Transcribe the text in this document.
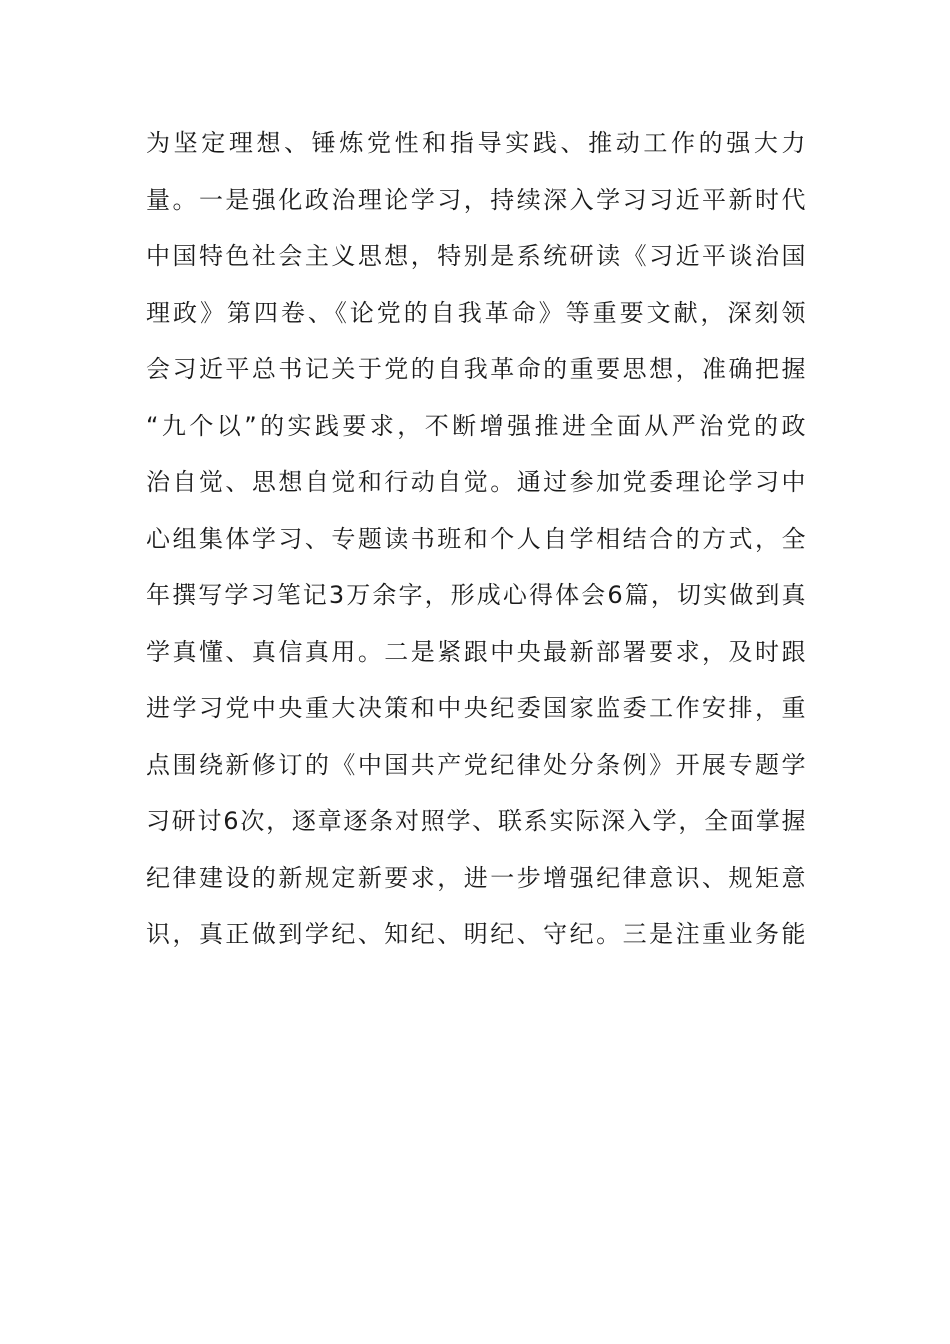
为坚定理想、锤炼党性和指导实践、推动工作的强大力
量。一是强化政治理论学习，持续深入学习习近平新时代
中国特色社会主义思想，特别是系统研读《习近平谈治国
理政》第四卷、《论党的自我革命》等重要文献，深刻领
会习近平总书记关于党的自我革命的重要思想，准确把握
“九个以”的实践要求，不断增强推进全面从严治党的政
治自觉、思想自觉和行动自觉。通过参加党委理论学习中
心组集体学习、专题读书班和个人自学相结合的方式，全
年撰写学习笔记3万余字，形成心得体会6篇，切实做到真
学真懂、真信真用。二是紧跟中央最新部署要求，及时跟
进学习党中央重大决策和中央纪委国家监委工作安排，重
点围绕新修订的《中国共产党纪律处分条例》开展专题学
习研讨6次，逐章逐条对照学、联系实际深入学，全面掌握
纪律建设的新规定新要求，进一步增强纪律意识、规矩意
识，真正做到学纪、知纪、明纪、守纪。三是注重业务能
